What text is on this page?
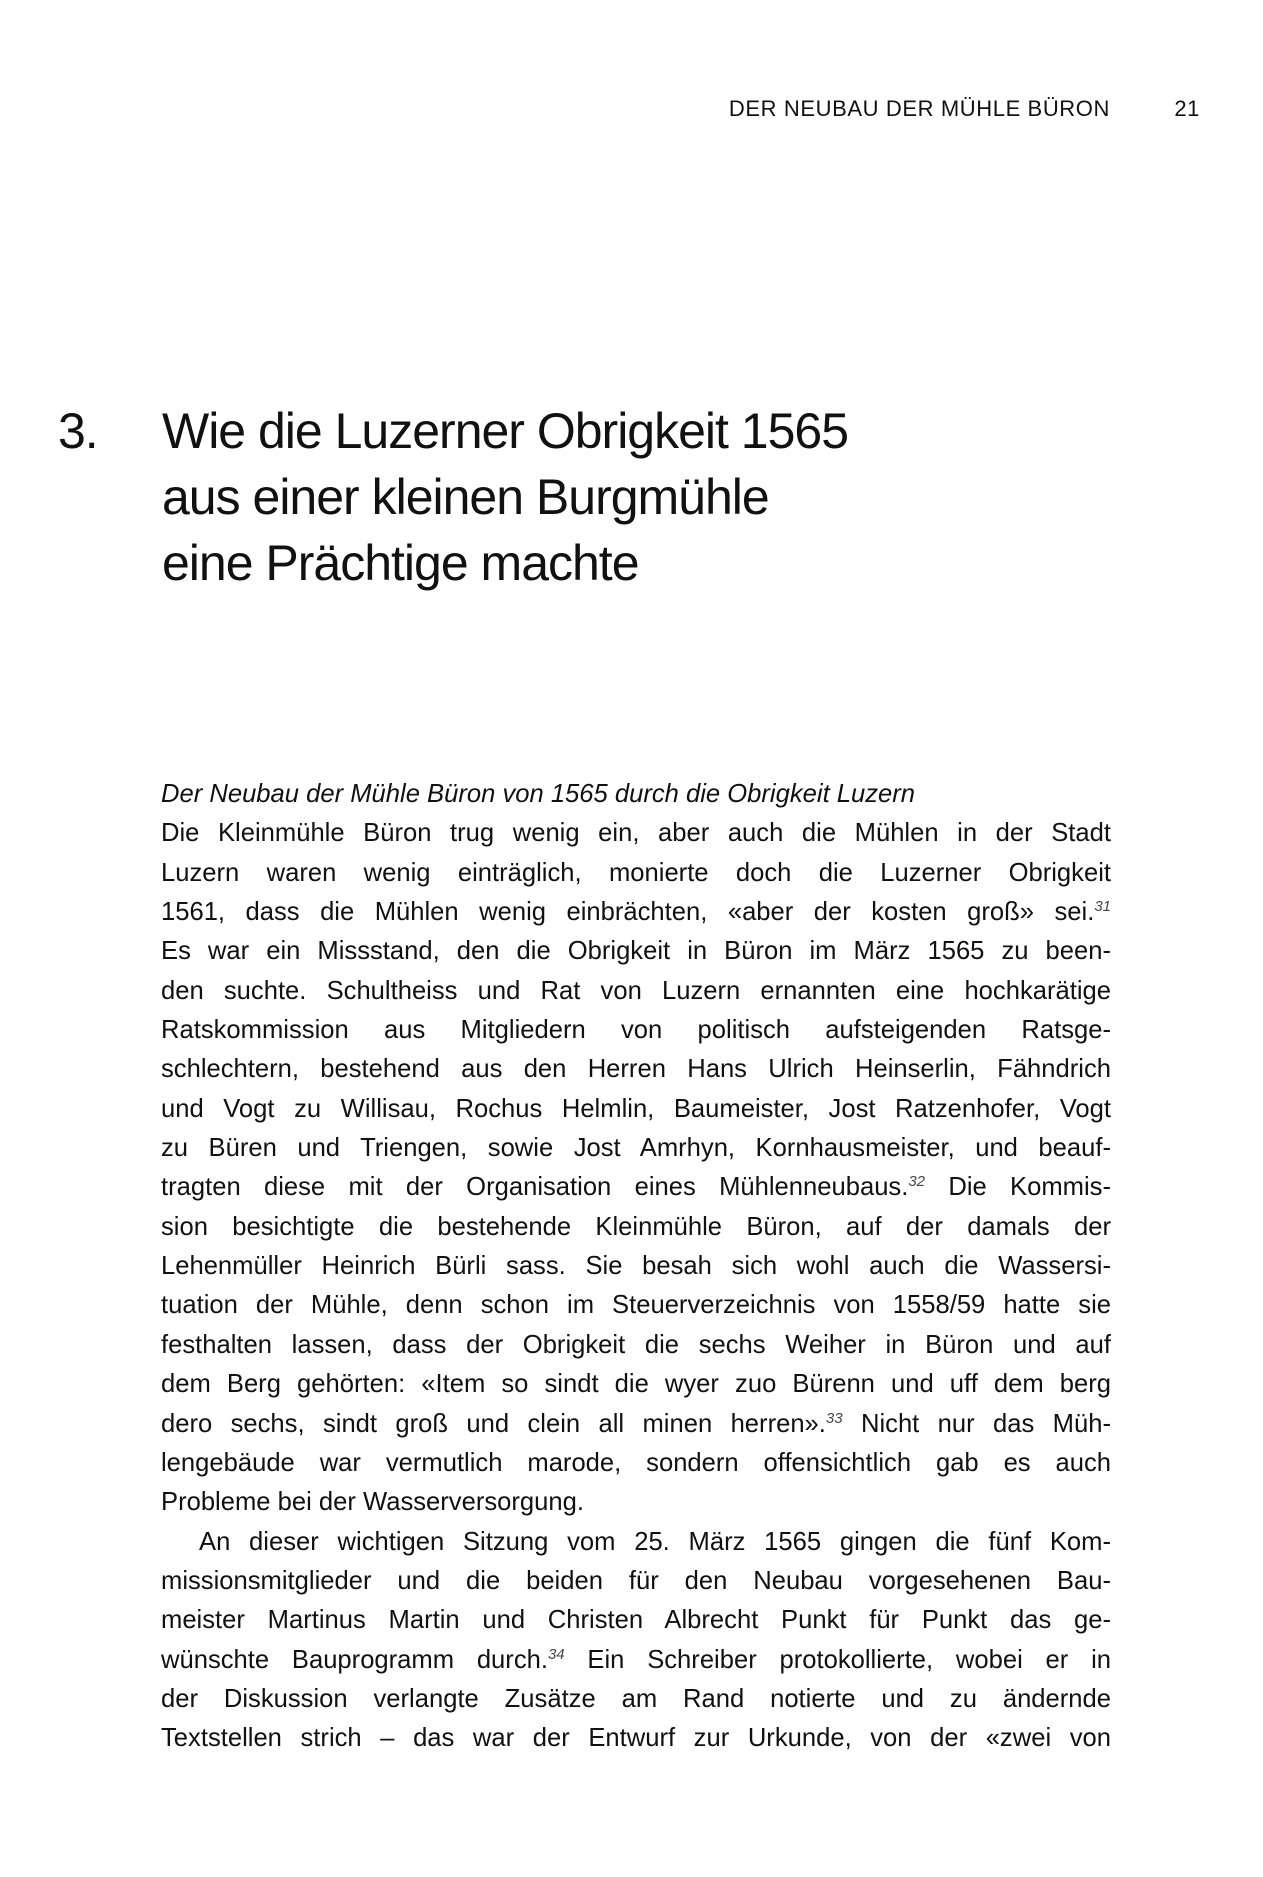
DER NEUBAU DER MÜHLE BÜRON	21
3. Wie die Luzerner Obrigkeit 1565
aus einer kleinen Burgmühle
eine Prächtige machte
Der Neubau der Mühle Büron von 1565 durch die Obrigkeit Luzern
Die Kleinmühle Büron trug wenig ein, aber auch die Mühlen in der Stadt
Luzern waren wenig einträglich, monierte doch die Luzerner Obrigkeit
1561, dass die Mühlen wenig einbrächten, «aber der kosten groß» sei.$^{31}$
Es war ein Missstand, den die Obrigkeit in Büron im März 1565 zu been-
den suchte. Schultheiss und Rat von Luzern ernannten eine hochkarätige
Ratskommission aus Mitgliedern von politisch aufsteigenden Ratsge-
schlechtern, bestehend aus den Herren Hans Ulrich Heinserlin, Fähndrich
und Vogt zu Willisau, Rochus Helmlin, Baumeister, Jost Ratzenhofer, Vogt
zu Büren und Triengen, sowie Jost Amrhyn, Kornhausmeister, und beauf-
tragten diese mit der Organisation eines Mühlenneubaus.$^{32}$ Die Kommis-
sion besichtigte die bestehende Kleinmühle Büron, auf der damals der
Lehenmüller Heinrich Bürli sass. Sie besah sich wohl auch die Wassersi-
tuation der Mühle, denn schon im Steuerverzeichnis von 1558/59 hatte sie
festhalten lassen, dass der Obrigkeit die sechs Weiher in Büron und auf
dem Berg gehörten: «Item so sindt die wyer zuo Bürenn und uff dem berg
dero sechs, sindt groß und clein all minen herren».$^{33}$ Nicht nur das Müh-
lengebäude war vermutlich marode, sondern offensichtlich gab es auch
Probleme bei der Wasserversorgung.
An dieser wichtigen Sitzung vom 25. März 1565 gingen die fünf Kom-
missionsmitglieder und die beiden für den Neubau vorgesehenen Bau-
meister Martinus Martin und Christen Albrecht Punkt für Punkt das ge-
wünschte Bauprogramm durch.$^{34}$ Ein Schreiber protokollierte, wobei er in
der Diskussion verlangte Zusätze am Rand notierte und zu ändernde
Textstellen strich – das war der Entwurf zur Urkunde, von der «zwei von
